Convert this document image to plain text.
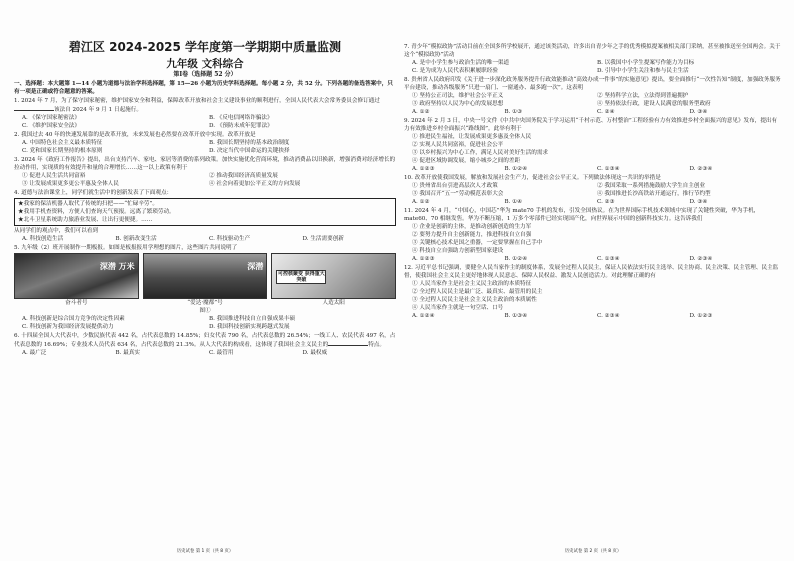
碧江区 2024-2025 学年度第一学期期中质量监测
九年级 文科综合
第Ⅰ卷（选择题 52 分）

一、选择题：本大题第 1—14 小题为道德与法治学科选择题，第 15—26 小题为历史学科选择题。每小题 2 分，共 52 分。下列各题的备选答案中，只有一项是正确或符合题意的答案。

1. 2024 年 7 月，为了保守国家秘密，维护国家安全和利益，保障改革开放和社会主义建设事业的顺利进行，全国人民代表大会常务委员会修订通过该法自 2024 年 9 月 1 日起施行。

A. 《保守国家秘密法》	B. 《反电信网络诈骗法》
C. 《维护国家安全法》	D. 《预防未成年犯罪法》

2. 我国过去 40 年的快速发展靠的是改革开放，未来发展也必然要在改革开放中实现。改革开放是

A. 中国特色社会主义最本质特征	B. 我国长期坚持的基本政治制度
C. 党和国家长期坚持的根本原则	D. 决定当代中国命运的关键抉择

3. 2024 年《政府工作报告》提出，出台支持汽车、家电、家居等消费的系列政策。加快实施优化营商环境，推动消费品以旧换新，增强消费对经济增长的拉动作用，实现质的有效提升和量的合理增长……这一以上政策有利于

① 促进人民生活共同富裕	② 推动我国经济高质量发展
③ 让发展成果更多更公平惠及全体人民	④ 社会向着更加公平正义的方向发展

4. 道德与法治课堂上，同学们就生活中的创新发表了下面观点：

★我家的保洁机器人取代了传统的扫把——“忙碌辛劳”。

★我用手机查资料，方便人们查询天气预报。远离了繁琐劳动。

★北斗卫星系统助力旅游业发展、让出行更便捷。……

从同学们的观点中，我们可以看到

A. 科技创造生活	B. 创新改变生活	C. 科技驱动生产	D. 生活需要创新

5. 九年级（2）班开展制作一期板报。如图是板报报用学理想的图片，这些图片共同说明了

深潜 万米
奋斗者号
深潜
“爱达·魔都”号
可控核聚变 获得重大突破
人造太阳
图①
A. 科技创新是综合国力竞争的决定性因素	B. 我国推进科技自立自强成果丰硕
C. 科技创新为我国经济发展提供动力	D. 我国科技创新实现跨越式发展

6. 十四届全国人大代表中，少数民族代表 442 名，占代表总数的 14.85%；妇女代表 790 名，占代表总数的 26.54%；一线工人、农民代表 497 名，占代表总数的 16.69%；专业技术人员代表 634 名，占代表总数的 21.3%。从人大代表的构成看，这体现了我国社会主义民主的	特点。

A. 最广泛	B. 最真实	C. 最管用	D. 最权威
历史试卷 第 1 页（共 8 页）

7. 青少年“模拟政协”活动目前在全国多所学校展开，通过该类活动，许多出自青少年之手的优秀模拟提案被相关部门采纳，甚至被推送至全国两会。关于这个“模拟政协”活动

A. 是中小学生参与政治生活的唯一渠道	B. 以我国中小学生提案写作能力为目标
C. 是为成为人民代表积累履职经验	D. 引导中小学生关注和参与民主生活

8. 贵州省人民政府印发《关于进一步深化政务服务提升行政效能推动“高效办成一件事”的实施意见》提出，要全面推行“一次性告知”制度，加强政务服务平台建设，推动各级服务“只进一扇门、一窗通办、最多跑一次”。这表明

① 坚持公正司法，维护社会公平正义	② 坚持科学立法，立法得到普遍拥护
③ 政府坚持以人民为中心的发展思想	④ 坚持依法行政，建设人民满意的服务型政府
A. ①②	B. ①③	C. ②④	D. ③④

9. 2024 年 2 月 3 日，中央一号文件《中共中央国务院关于学习运用“千村示范、万村整治”工程经验有力有效推进乡村全面振兴的意见》发布，提出有力有效推进乡村全面振兴“路线图”。此举有利于

① 推进民生福祉，让发展成果更多惠及全体人民

② 实现人民共同富裕，促进社会公平

③ 以乡村振兴为中心工作，满足人民对美好生活的需求

④ 促进区域协调发展，缩小城乡之间的差距

A. ①②③	B. ①②④	C. ①③④	D. ②③④

10. 改革开放使我国发展，解放和发展社会生产力，促进社会公平正义。下列做法体现这一共识的举措是

① 贵州省出台引进高层次人才政策	② 我国采取一系列措施鼓励大学生自主创业
③ 我国召开“五一”劳动模范表彰大会	④ 我国推进长沙高铁站开通运行，推行节约型
A. ①②	B. ①④	C. ②③	D. ③④

11. 2024 年 4 月，“中国心，中国芯”华为 mate70 手机的发布，引发全国热议。在为世界国际手机技术领域中实现了关键性突破，华为手机，mate60、70 相继发售。华为不断压缩，1 万多个零部件已经实现国产化，向世界展示中国的创新科技实力。这告诉我们

① 企业是创新的主体，是推动创新创造的生力军

② 要努力提升自主创新能力，推进科技自立自强

③ 关键核心技术是国之重器，一定要掌握在自己手中

④ 科技自立自强助力创新型国家建设

A. ①②③	B. ①②④	C. ①③④	D. ②③④

12. 习近平总书记强调，要健全人民当家作主的制度体系，发展全过程人民民主，保证人民依法实行民主选举、民主协商、民主决策、民主管理、民主监督，使我国社会主义民主更好地体现人民意志、保障人民权益、激发人民创造活力。对此理解正确的有

① 人民当家作主是社会主义民主政治的本质特征

② 全过程人民民主是最广泛、最真实、最管用的民主

③ 全过程人民民主是社会主义民主政治的本质属性

④ 人民当家作主就是一句空话、口号

A. ①②④	B. ①③④	C. ②③④	D. ①②③
历史试卷 第 2 页（共 8 页）
